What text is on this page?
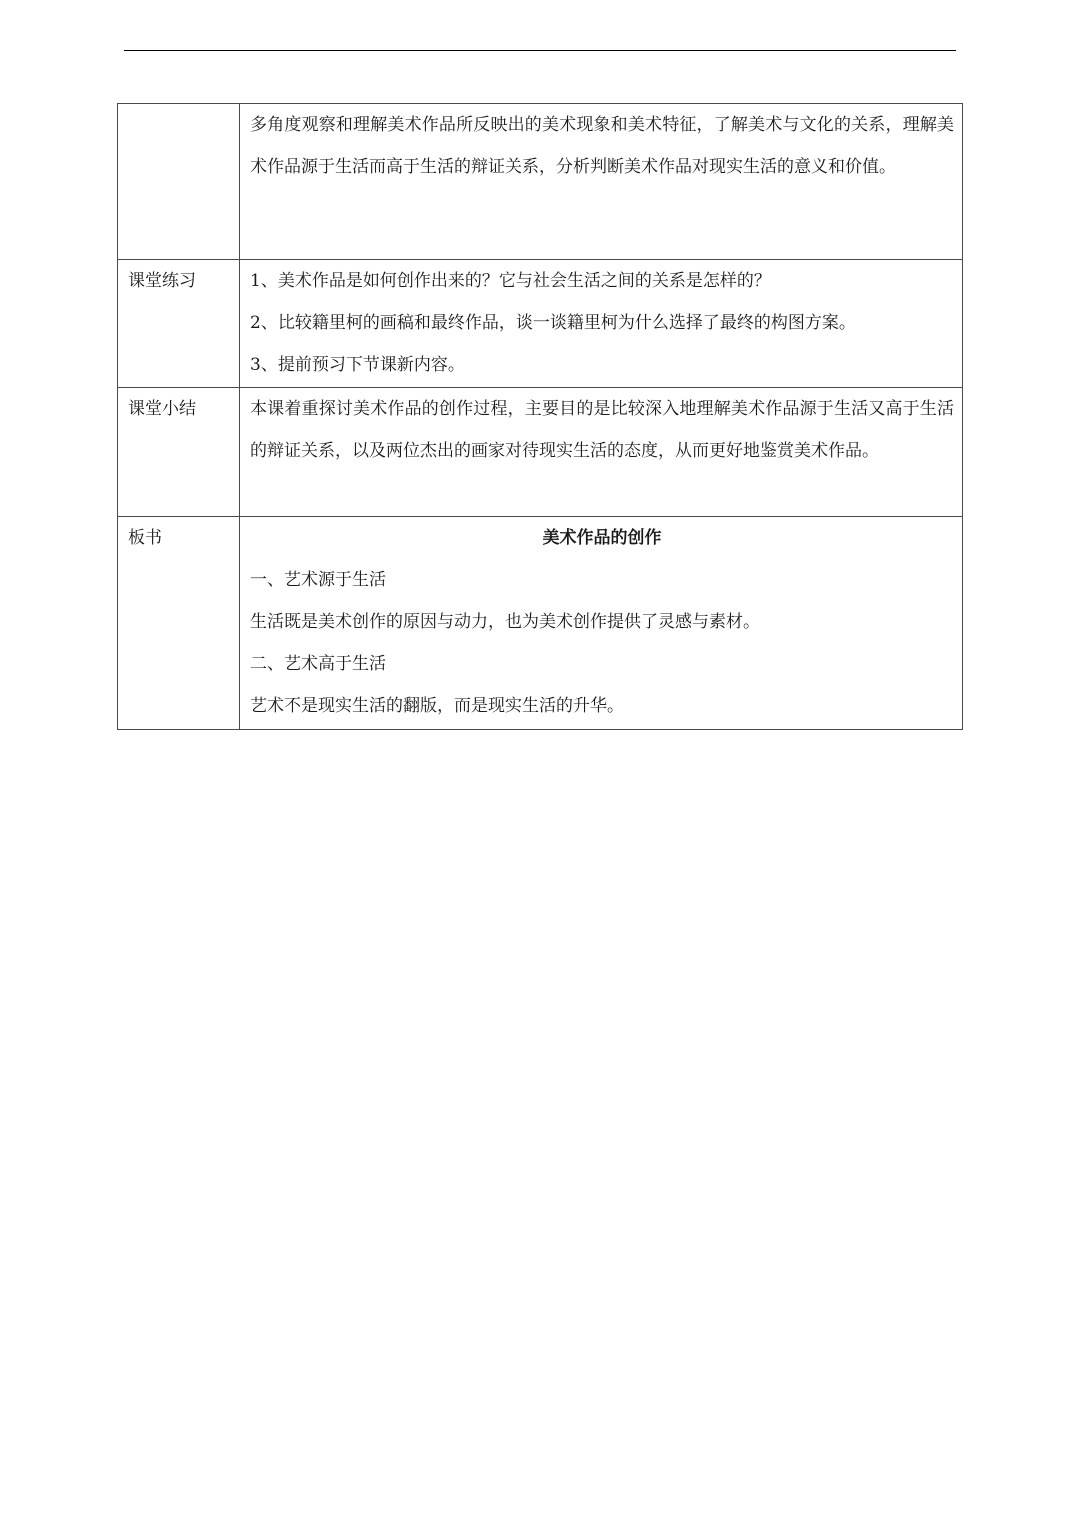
	多角度观察和理解美术作品所反映出的美术现象和美术特征，了解美术与文化的关系，理解美术作品源于生活而高于生活的辩证关系，分析判断美术作品对现实生活的意义和价值。

课堂练习	1、美术作品是如何创作出来的？它与社会生活之间的关系是怎样的？
2、比较籍里柯的画稿和最终作品，谈一谈籍里柯为什么选择了最终的构图方案。
3、提前预习下节课新内容。

课堂小结	本课着重探讨美术作品的创作过程，主要目的是比较深入地理解美术作品源于生活又高于生活的辩证关系，以及两位杰出的画家对待现实生活的态度，从而更好地鉴赏美术作品。

板书	美术作品的创作
一、艺术源于生活
生活既是美术创作的原因与动力，也为美术创作提供了灵感与素材。
二、艺术高于生活
艺术不是现实生活的翻版，而是现实生活的升华。
